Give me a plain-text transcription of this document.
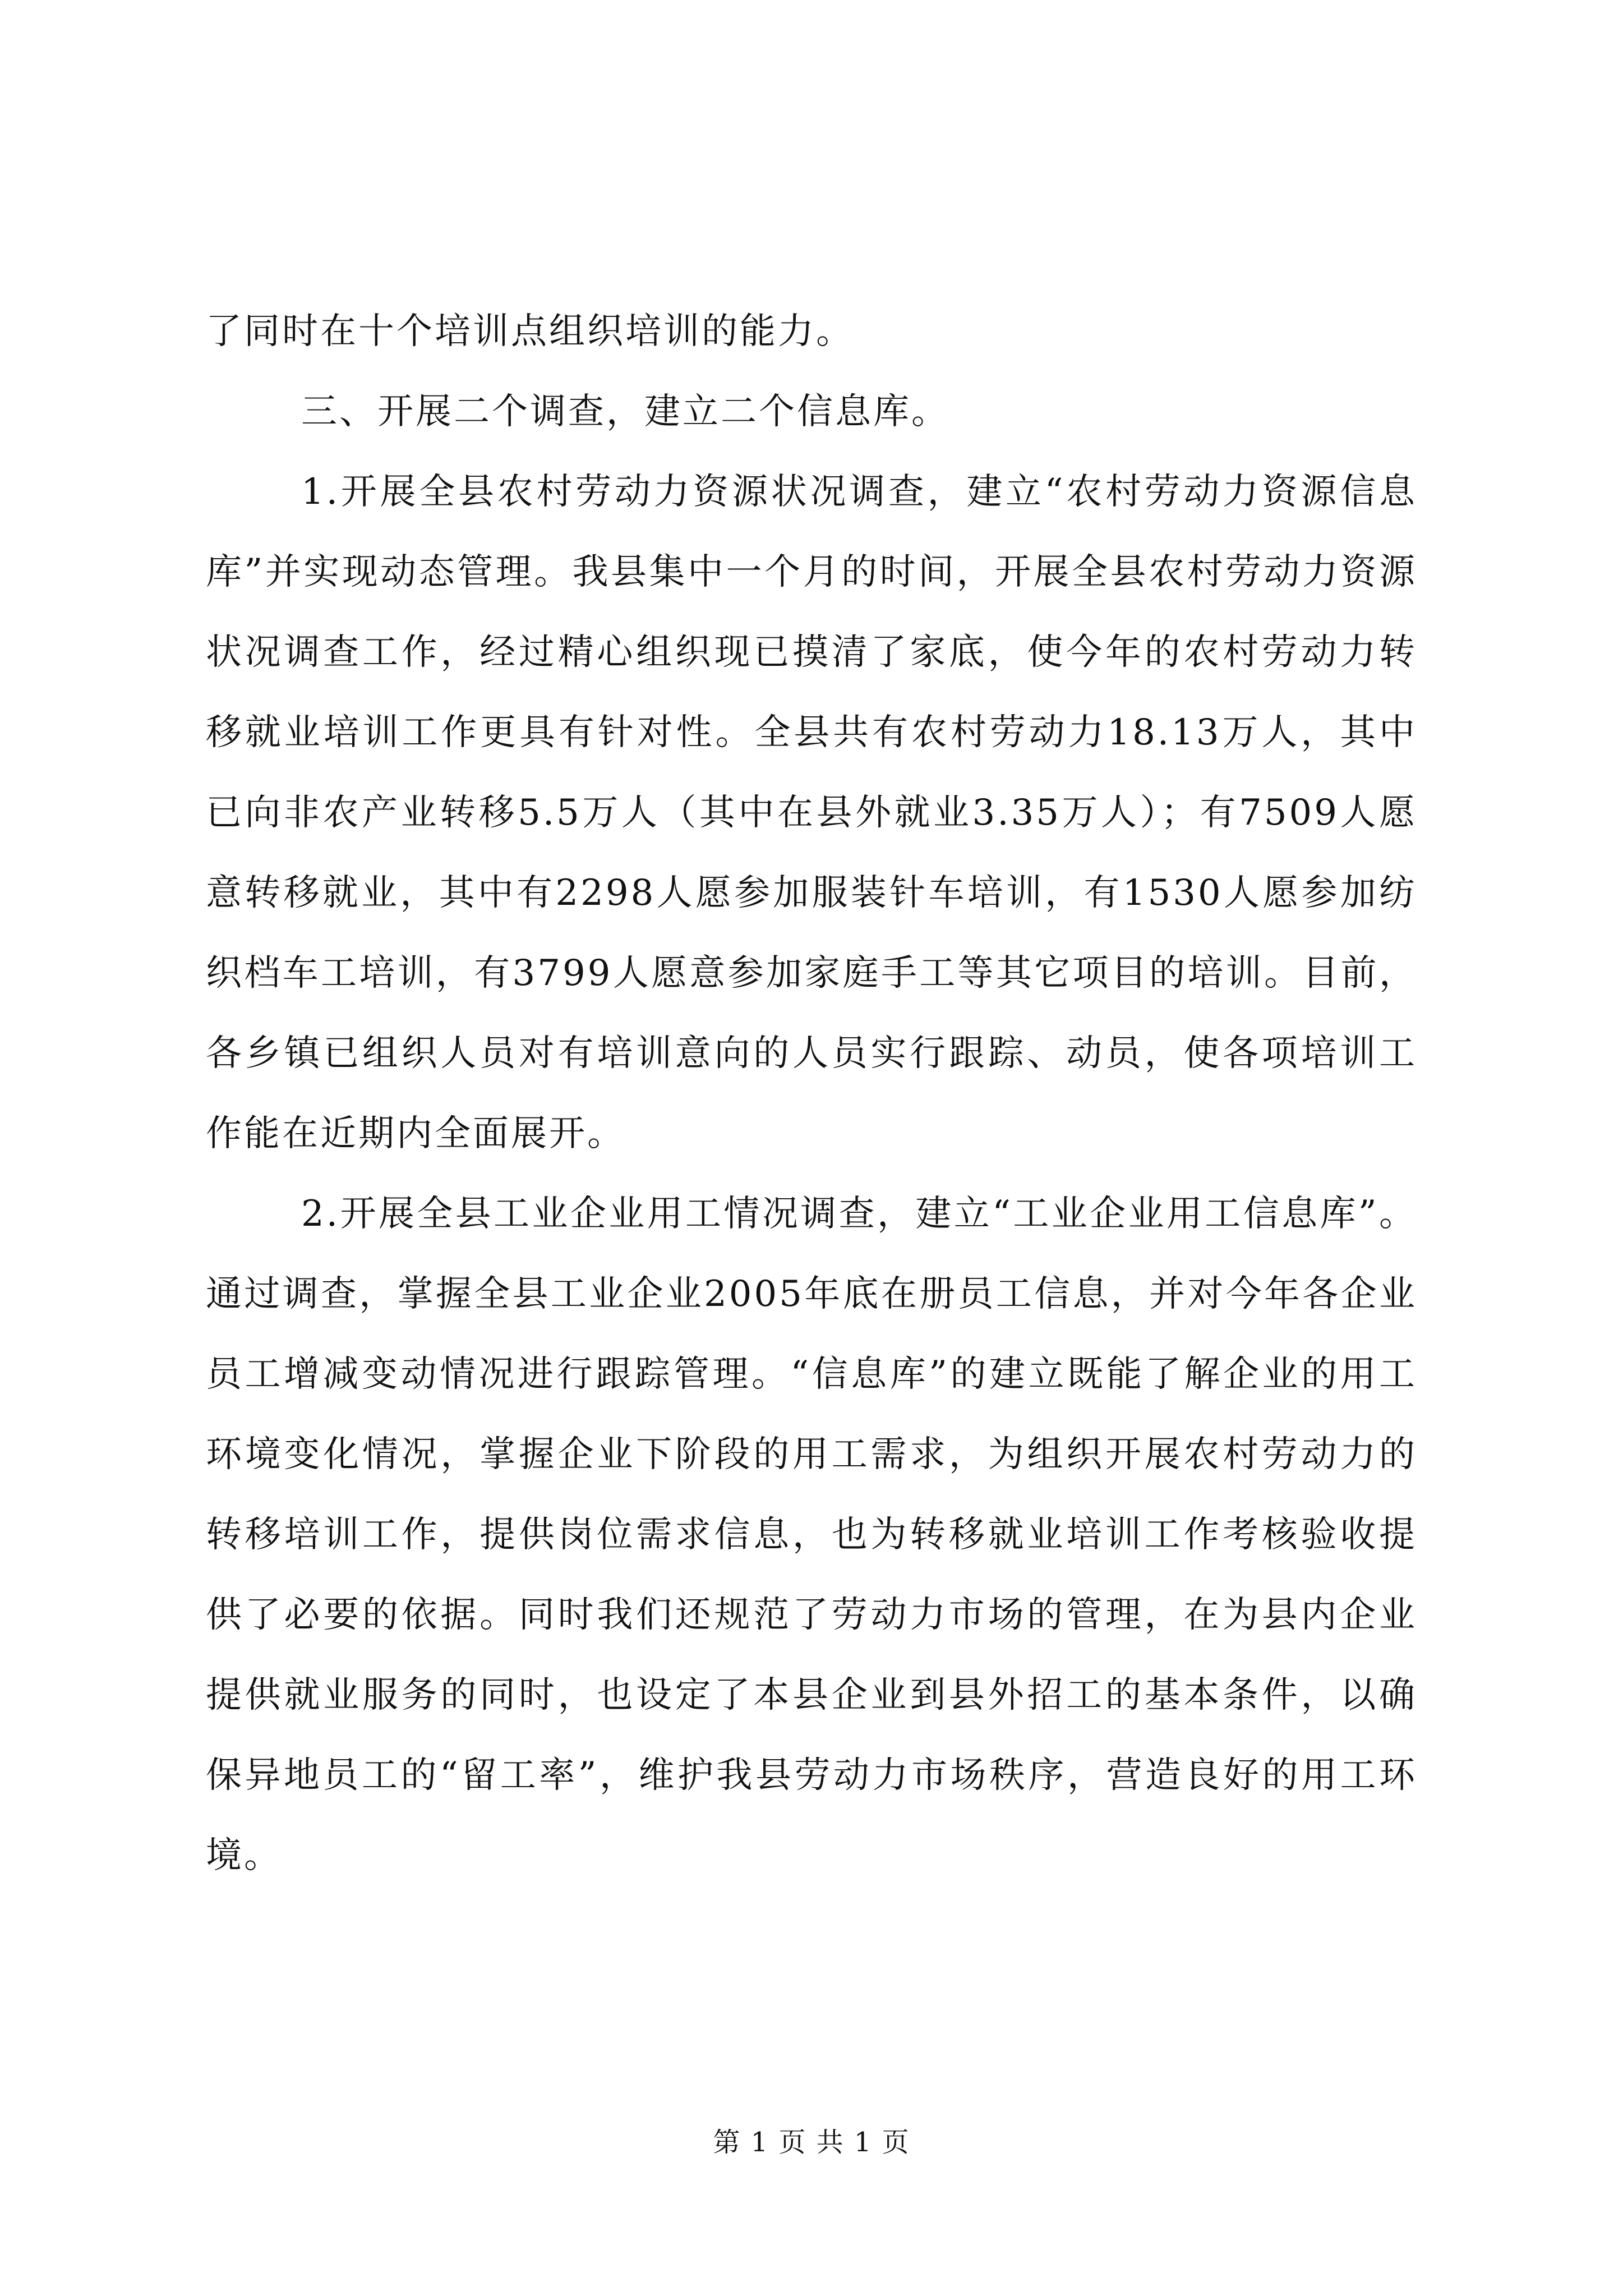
了同时在十个培训点组织培训的能力。

三、开展二个调查，建立二个信息库。

1.开展全县农村劳动力资源状况调查，建立“农村劳动力资源信息库”并实现动态管理。我县集中一个月的时间，开展全县农村劳动力资源状况调查工作，经过精心组织现已摸清了家底，使今年的农村劳动力转移就业培训工作更具有针对性。全县共有农村劳动力18.13万人，其中已向非农产业转移5.5万人（其中在县外就业3.35万人）；有7509人愿意转移就业，其中有2298人愿参加服装针车培训，有1530人愿参加纺织档车工培训，有3799人愿意参加家庭手工等其它项目的培训。目前，各乡镇已组织人员对有培训意向的人员实行跟踪、动员，使各项培训工作能在近期内全面展开。

2.开展全县工业企业用工情况调查，建立“工业企业用工信息库”。通过调查，掌握全县工业企业2005年底在册员工信息，并对今年各企业员工增减变动情况进行跟踪管理。“信息库”的建立既能了解企业的用工环境变化情况，掌握企业下阶段的用工需求，为组织开展农村劳动力的转移培训工作，提供岗位需求信息，也为转移就业培训工作考核验收提供了必要的依据。同时我们还规范了劳动力市场的管理，在为县内企业提供就业服务的同时，也设定了本县企业到县外招工的基本条件，以确保异地员工的“留工率”，维护我县劳动力市场秩序，营造良好的用工环境。

第 1 页 共 1 页
